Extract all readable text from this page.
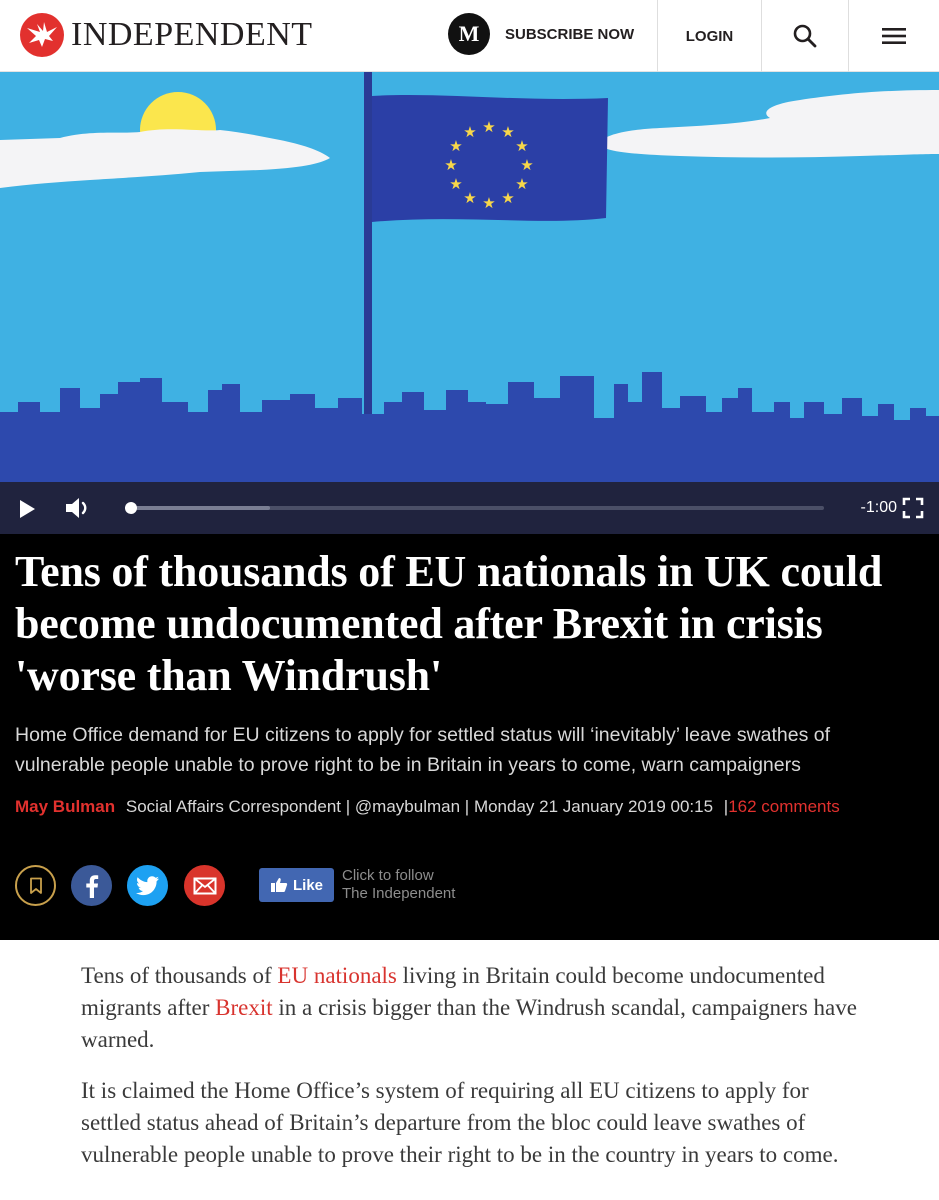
INDEPENDENT	M	SUBSCRIBE NOW	LOGIN
★ ★
★
★
★
★
★
★
★
★
★
★
-1:00
Tens of thousands of EU nationals in UK could become undocumented after Brexit in crisis 'worse than Windrush'

Home Office demand for EU citizens to apply for settled status will ‘inevitably’ leave swathes of vulnerable people unable to prove right to be in Britain in years to come, warn campaigners

May Bulman Social Affairs Correspondent | @maybulman | Monday 21 January 2019 00:15 |162 comments
Like
Click to follow
The Independent

Tens of thousands of EU nationals living in Britain could become undocumented migrants after Brexit in a crisis bigger than the Windrush scandal, campaigners have warned.

It is claimed the Home Office’s system of requiring all EU citizens to apply for settled status ahead of Britain’s departure from the bloc could leave swathes of vulnerable people unable to prove their right to be in the country in years to come.
